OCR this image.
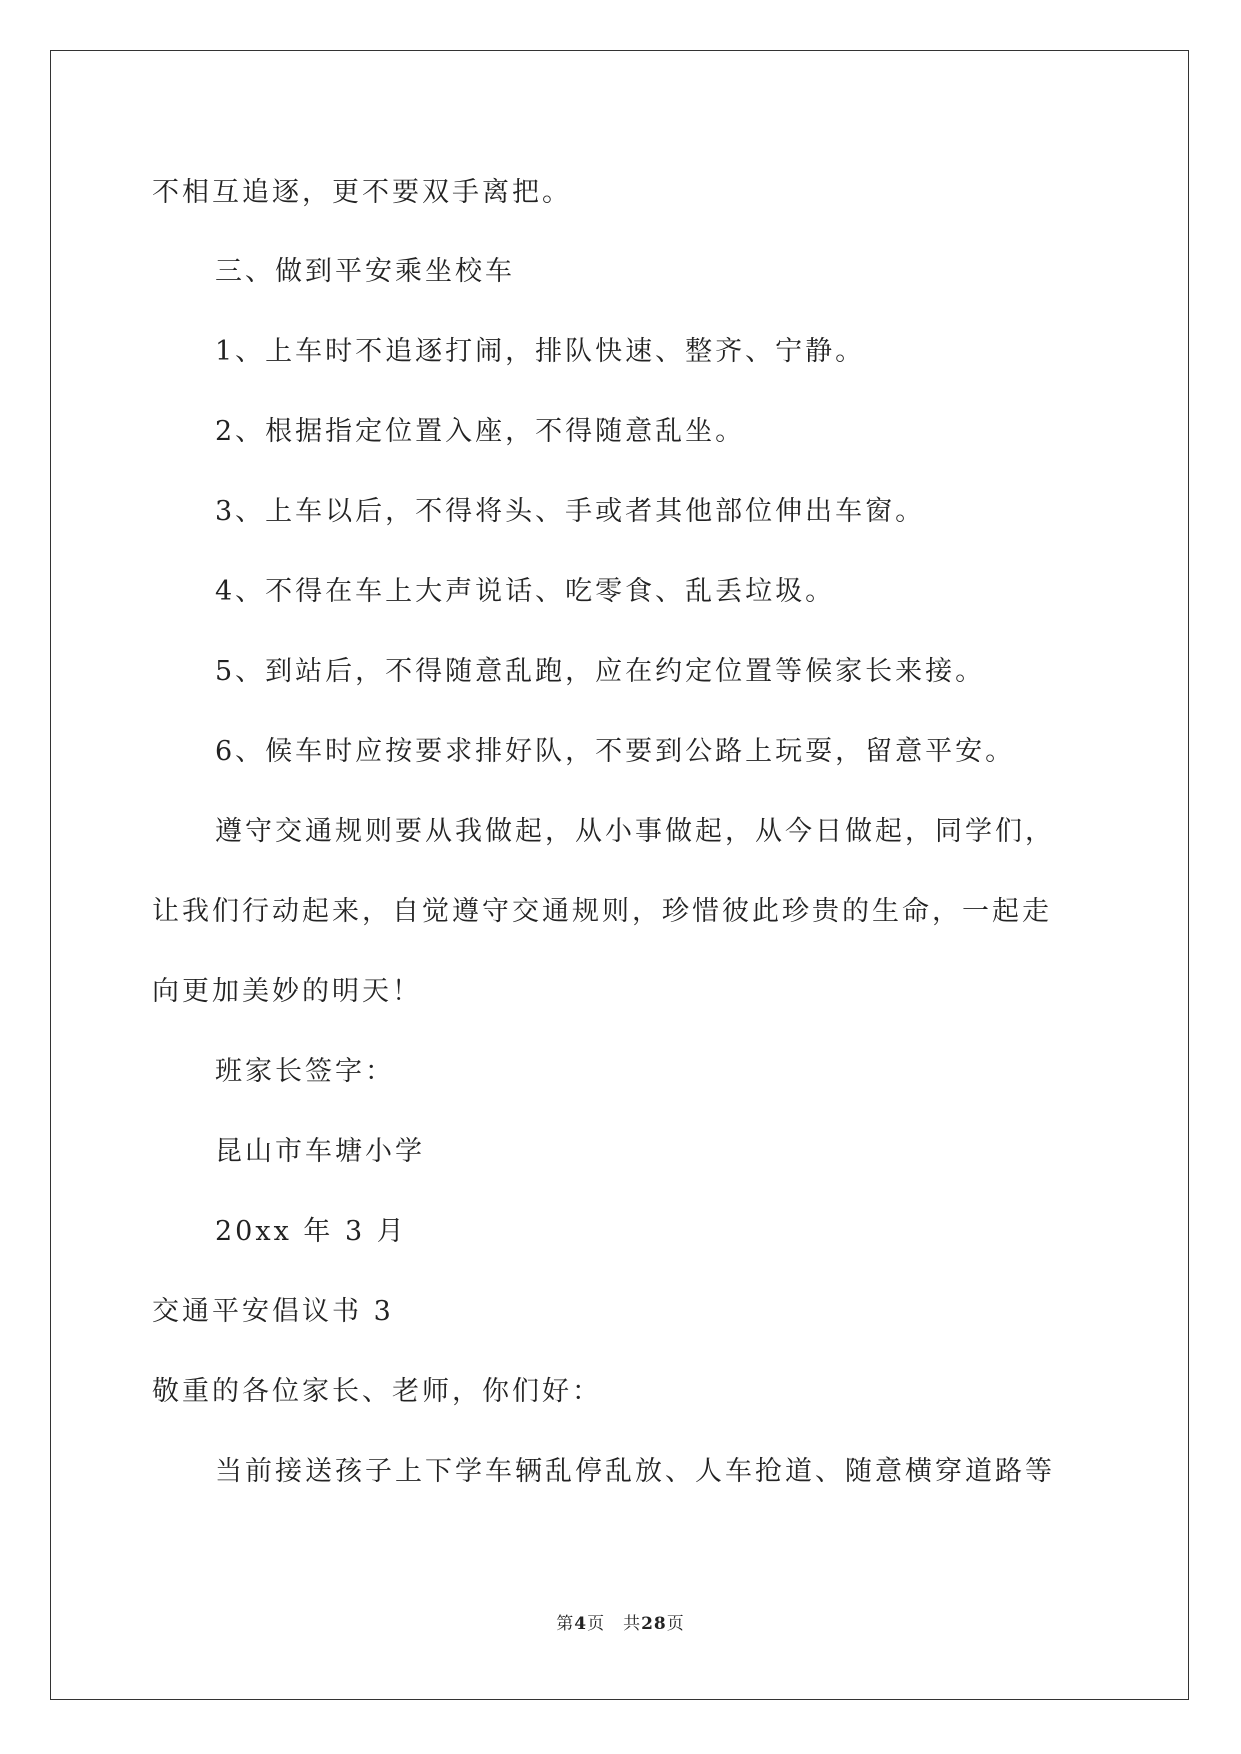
不相互追逐，更不要双手离把。
三、做到平安乘坐校车
1、上车时不追逐打闹，排队快速、整齐、宁静。
2、根据指定位置入座，不得随意乱坐。
3、上车以后，不得将头、手或者其他部位伸出车窗。
4、不得在车上大声说话、吃零食、乱丢垃圾。
5、到站后，不得随意乱跑，应在约定位置等候家长来接。
6、候车时应按要求排好队，不要到公路上玩耍，留意平安。
遵守交通规则要从我做起，从小事做起，从今日做起，同学们，
让我们行动起来，自觉遵守交通规则，珍惜彼此珍贵的生命，一起走
向更加美妙的明天！
班家长签字：
昆山市车塘小学
20xx 年 3 月
交通平安倡议书 3
敬重的各位家长、老师，你们好：
当前接送孩子上下学车辆乱停乱放、人车抢道、随意横穿道路等
第4页　共28页
